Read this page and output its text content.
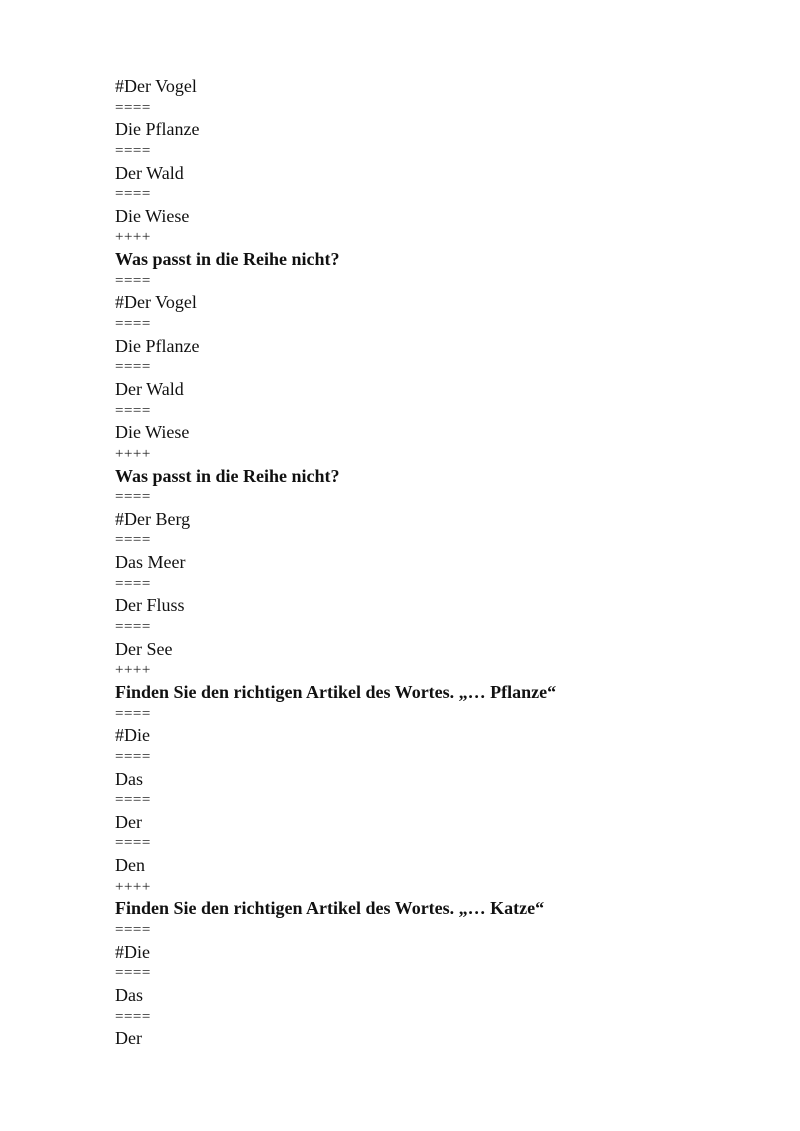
#Der Vogel
====
Die Pflanze
====
Der Wald
====
Die Wiese
++++
Was passt in die Reihe nicht?
====
#Der Vogel
====
Die Pflanze
====
Der Wald
====
Die Wiese
++++
Was passt in die Reihe nicht?
====
#Der Berg
====
Das Meer
====
Der Fluss
====
Der See
++++
Finden Sie den richtigen Artikel des Wortes. „… Pflanze“
====
#Die
====
Das
====
Der
====
Den
++++
Finden Sie den richtigen Artikel des Wortes. „… Katze“
====
#Die
====
Das
====
Der
